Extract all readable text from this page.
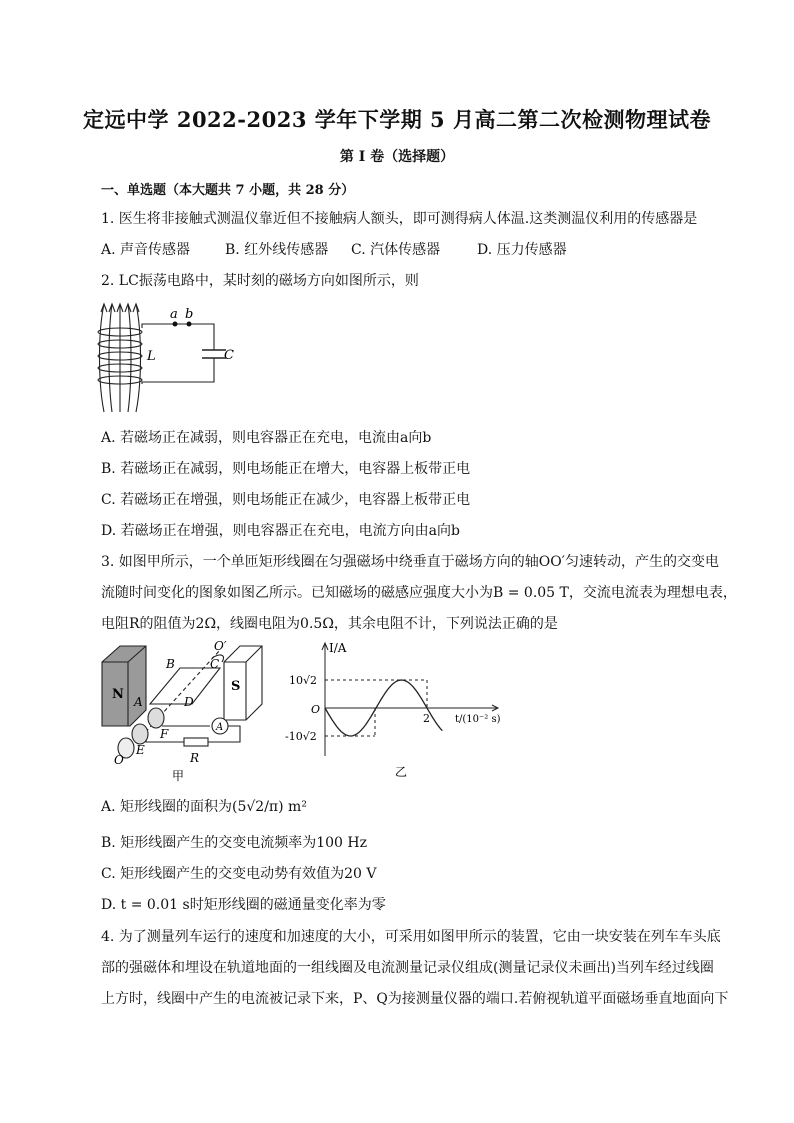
定远中学 2022-2023 学年下学期 5 月高二第二次检测物理试卷
第 I 卷（选择题）
一、单选题（本大题共 7 小题，共 28 分）
1. 医生将非接触式测温仪靠近但不接触病人额头，即可测得病人体温.这类测温仪利用的传感器是
A. 声音传感器 B. 红外线传感器 C. 汽体传感器	D. 压力传感器
2. LC振荡电路中，某时刻的磁场方向如图所示，则
a b
L	C
A. 若磁场正在减弱，则电容器正在充电，电流由a向b
B. 若磁场正在减弱，则电场能正在增大，电容器上板带正电
C. 若磁场正在增强，则电场能正在减少，电容器上板带正电
D. 若磁场正在增强，则电容器正在充电，电流方向由a向b
3. 如图甲所示，一个单匝矩形线圈在匀强磁场中绕垂直于磁场方向的轴OO′匀速转动，产生的交变电
流随时间变化的图象如图乙所示。已知磁场的磁感应强度大小为B = 0.05 T，交流电流表为理想电表，
电阻R的阻值为2Ω，线圈电阻为0.5Ω，其余电阻不计，下列说法正确的是
N
S
B	C
O′
A	D
F
E
O	R
A
甲
I/A
10√2
O
-10√2
2	t/(10⁻² s)
乙
A. 矩形线圈的面积为(5√2/π) m²
B. 矩形线圈产生的交变电流频率为100 Hz
C. 矩形线圈产生的交变电动势有效值为20 V
D. t = 0.01 s时矩形线圈的磁通量变化率为零
4. 为了测量列车运行的速度和加速度的大小，可采用如图甲所示的装置，它由一块安装在列车车头底
部的强磁体和埋设在轨道地面的一组线圈及电流测量记录仪组成(测量记录仪未画出)当列车经过线圈
上方时，线圈中产生的电流被记录下来，P、Q为接测量仪器的端口.若俯视轨道平面磁场垂直地面向下
